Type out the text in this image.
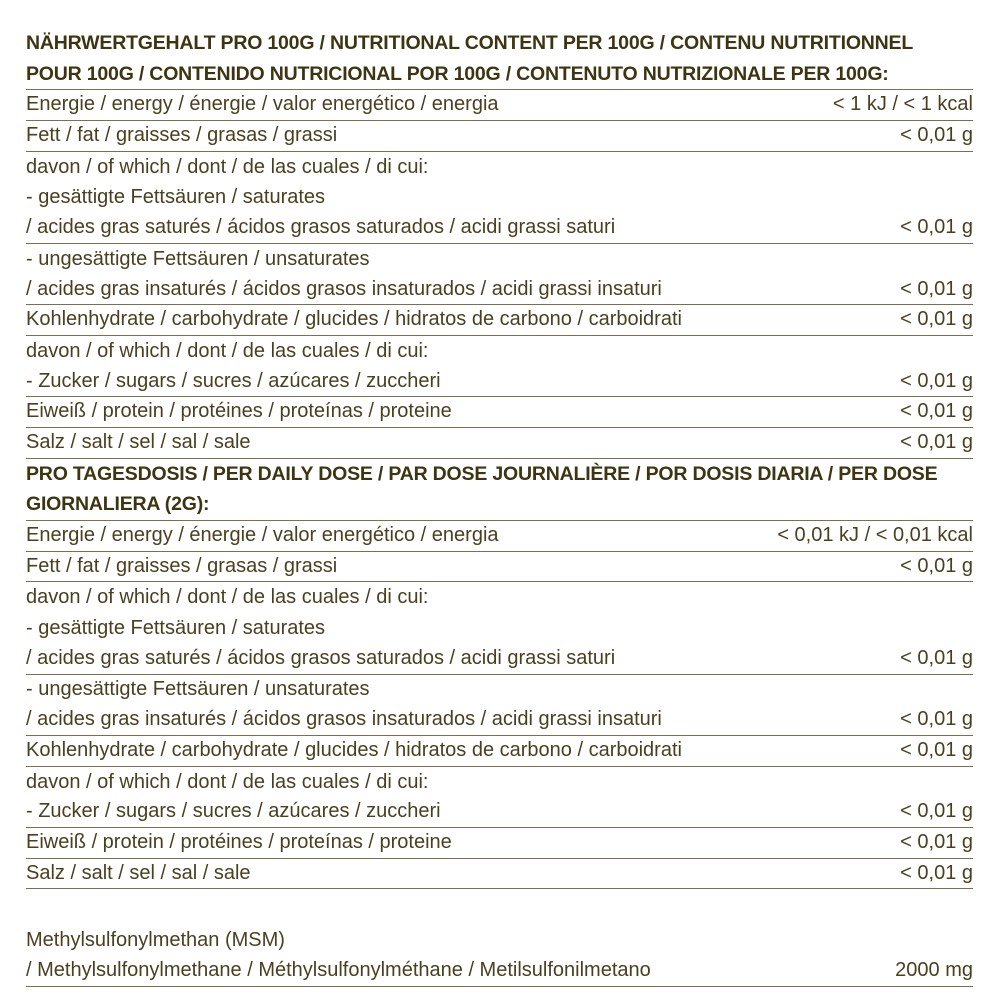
NÄHRWERTGEHALT PRO 100G / NUTRITIONAL CONTENT PER 100G / CONTENU NUTRITIONNEL
POUR 100G / CONTENIDO NUTRICIONAL POR 100G / CONTENUTO NUTRIZIONALE PER 100G:
Energie / energy / énergie / valor energético / energia	< 1 kJ / < 1 kcal
Fett / fat / graisses / grasas / grassi	< 0,01 g
davon / of which / dont / de las cuales / di cui:
- gesättigte Fettsäuren / saturates
/ acides gras saturés / ácidos grasos saturados / acidi grassi saturi	< 0,01 g
- ungesättigte Fettsäuren / unsaturates
/ acides gras insaturés / ácidos grasos insaturados / acidi grassi insaturi	< 0,01 g
Kohlenhydrate / carbohydrate / glucides / hidratos de carbono / carboidrati	< 0,01 g
davon / of which / dont / de las cuales / di cui:
- Zucker / sugars / sucres / azúcares / zuccheri	< 0,01 g
Eiweiß / protein / protéines / proteínas / proteine	< 0,01 g
Salz / salt / sel / sal / sale	< 0,01 g
PRO TAGESDOSIS / PER DAILY DOSE / PAR DOSE JOURNALIÈRE / POR DOSIS DIARIA / PER DOSE
GIORNALIERA (2G):
Energie / energy / énergie / valor energético / energia	< 0,01 kJ / < 0,01 kcal
Fett / fat / graisses / grasas / grassi	< 0,01 g
davon / of which / dont / de las cuales / di cui:
- gesättigte Fettsäuren / saturates
/ acides gras saturés / ácidos grasos saturados / acidi grassi saturi	< 0,01 g
- ungesättigte Fettsäuren / unsaturates
/ acides gras insaturés / ácidos grasos insaturados / acidi grassi insaturi	< 0,01 g
Kohlenhydrate / carbohydrate / glucides / hidratos de carbono / carboidrati	< 0,01 g
davon / of which / dont / de las cuales / di cui:
- Zucker / sugars / sucres / azúcares / zuccheri	< 0,01 g
Eiweiß / protein / protéines / proteínas / proteine	< 0,01 g
Salz / salt / sel / sal / sale	< 0,01 g
Methylsulfonylmethan (MSM)
/ Methylsulfonylmethane / Méthylsulfonylméthane / Metilsulfonilmetano	2000 mg
